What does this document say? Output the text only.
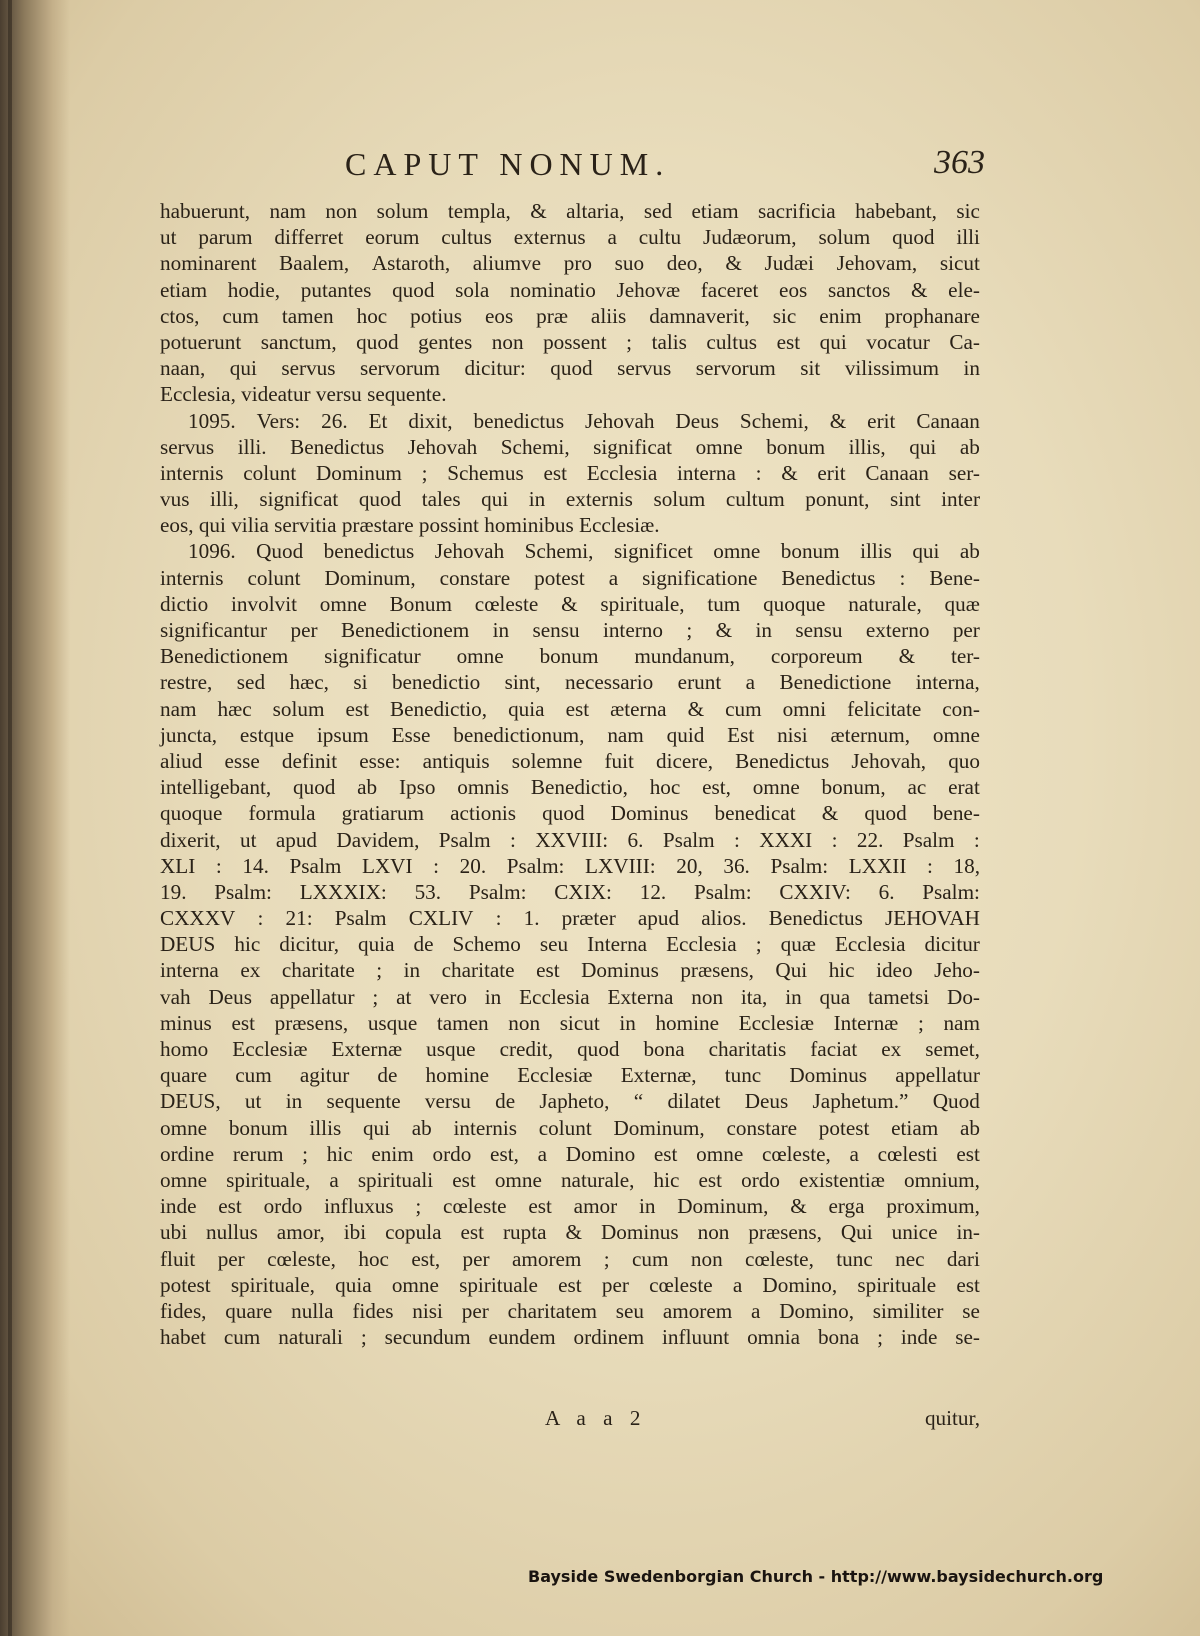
CAPUT NONUM.	363
habuerunt, nam non solum templa, & altaria, sed etiam sacrificia habebant, sic
ut parum differret eorum cultus externus a cultu Judæorum, solum quod illi
nominarent Baalem, Astaroth, aliumve pro suo deo, & Judæi Jehovam, sicut
etiam hodie, putantes quod sola nominatio Jehovæ faceret eos sanctos & ele-
ctos, cum tamen hoc potius eos præ aliis damnaverit, sic enim prophanare
potuerunt sanctum, quod gentes non possent ; talis cultus est qui vocatur Ca-
naan, qui servus servorum dicitur: quod servus servorum sit vilissimum in
Ecclesia, videatur versu sequente.
1095. Vers: 26. Et dixit, benedictus Jehovah Deus Schemi, & erit Canaan
servus illi. Benedictus Jehovah Schemi, significat omne bonum illis, qui ab
internis colunt Dominum ; Schemus est Ecclesia interna : & erit Canaan ser-
vus illi, significat quod tales qui in externis solum cultum ponunt, sint inter
eos, qui vilia servitia præstare possint hominibus Ecclesiæ.
1096. Quod benedictus Jehovah Schemi, significet omne bonum illis qui ab
internis colunt Dominum, constare potest a significatione Benedictus : Bene-
dictio involvit omne Bonum cœleste & spirituale, tum quoque naturale, quæ
significantur per Benedictionem in sensu interno ; & in sensu externo per
Benedictionem significatur omne bonum mundanum, corporeum & ter-
restre, sed hæc, si benedictio sint, necessario erunt a Benedictione interna,
nam hæc solum est Benedictio, quia est æterna & cum omni felicitate con-
juncta, estque ipsum Esse benedictionum, nam quid Est nisi æternum, omne
aliud esse definit esse: antiquis solemne fuit dicere, Benedictus Jehovah, quo
intelligebant, quod ab Ipso omnis Benedictio, hoc est, omne bonum, ac erat
quoque formula gratiarum actionis quod Dominus benedicat & quod bene-
dixerit, ut apud Davidem, Psalm : XXVIII: 6. Psalm : XXXI : 22. Psalm :
XLI : 14. Psalm LXVI : 20. Psalm: LXVIII: 20, 36. Psalm: LXXII : 18,
19. Psalm: LXXXIX: 53. Psalm: CXIX: 12. Psalm: CXXIV: 6. Psalm:
CXXXV : 21: Psalm CXLIV : 1. præter apud alios. Benedictus JEHOVAH
DEUS hic dicitur, quia de Schemo seu Interna Ecclesia ; quæ Ecclesia dicitur
interna ex charitate ; in charitate est Dominus præsens, Qui hic ideo Jeho-
vah Deus appellatur ; at vero in Ecclesia Externa non ita, in qua tametsi Do-
minus est præsens, usque tamen non sicut in homine Ecclesiæ Internæ ; nam
homo Ecclesiæ Externæ usque credit, quod bona charitatis faciat ex semet,
quare cum agitur de homine Ecclesiæ Externæ, tunc Dominus appellatur
DEUS, ut in sequente versu de Japheto, “ dilatet Deus Japhetum.” Quod
omne bonum illis qui ab internis colunt Dominum, constare potest etiam ab
ordine rerum ; hic enim ordo est, a Domino est omne cœleste, a cœlesti est
omne spirituale, a spirituali est omne naturale, hic est ordo existentiæ omnium,
inde est ordo influxus ; cœleste est amor in Dominum, & erga proximum,
ubi nullus amor, ibi copula est rupta & Dominus non præsens, Qui unice in-
fluit per cœleste, hoc est, per amorem ; cum non cœleste, tunc nec dari
potest spirituale, quia omne spirituale est per cœleste a Domino, spirituale est
fides, quare nulla fides nisi per charitatem seu amorem a Domino, similiter se
habet cum naturali ; secundum eundem ordinem influunt omnia bona ; inde se-
A a a 2	quitur,
Bayside Swedenborgian Church - http://www.baysidechurch.org
